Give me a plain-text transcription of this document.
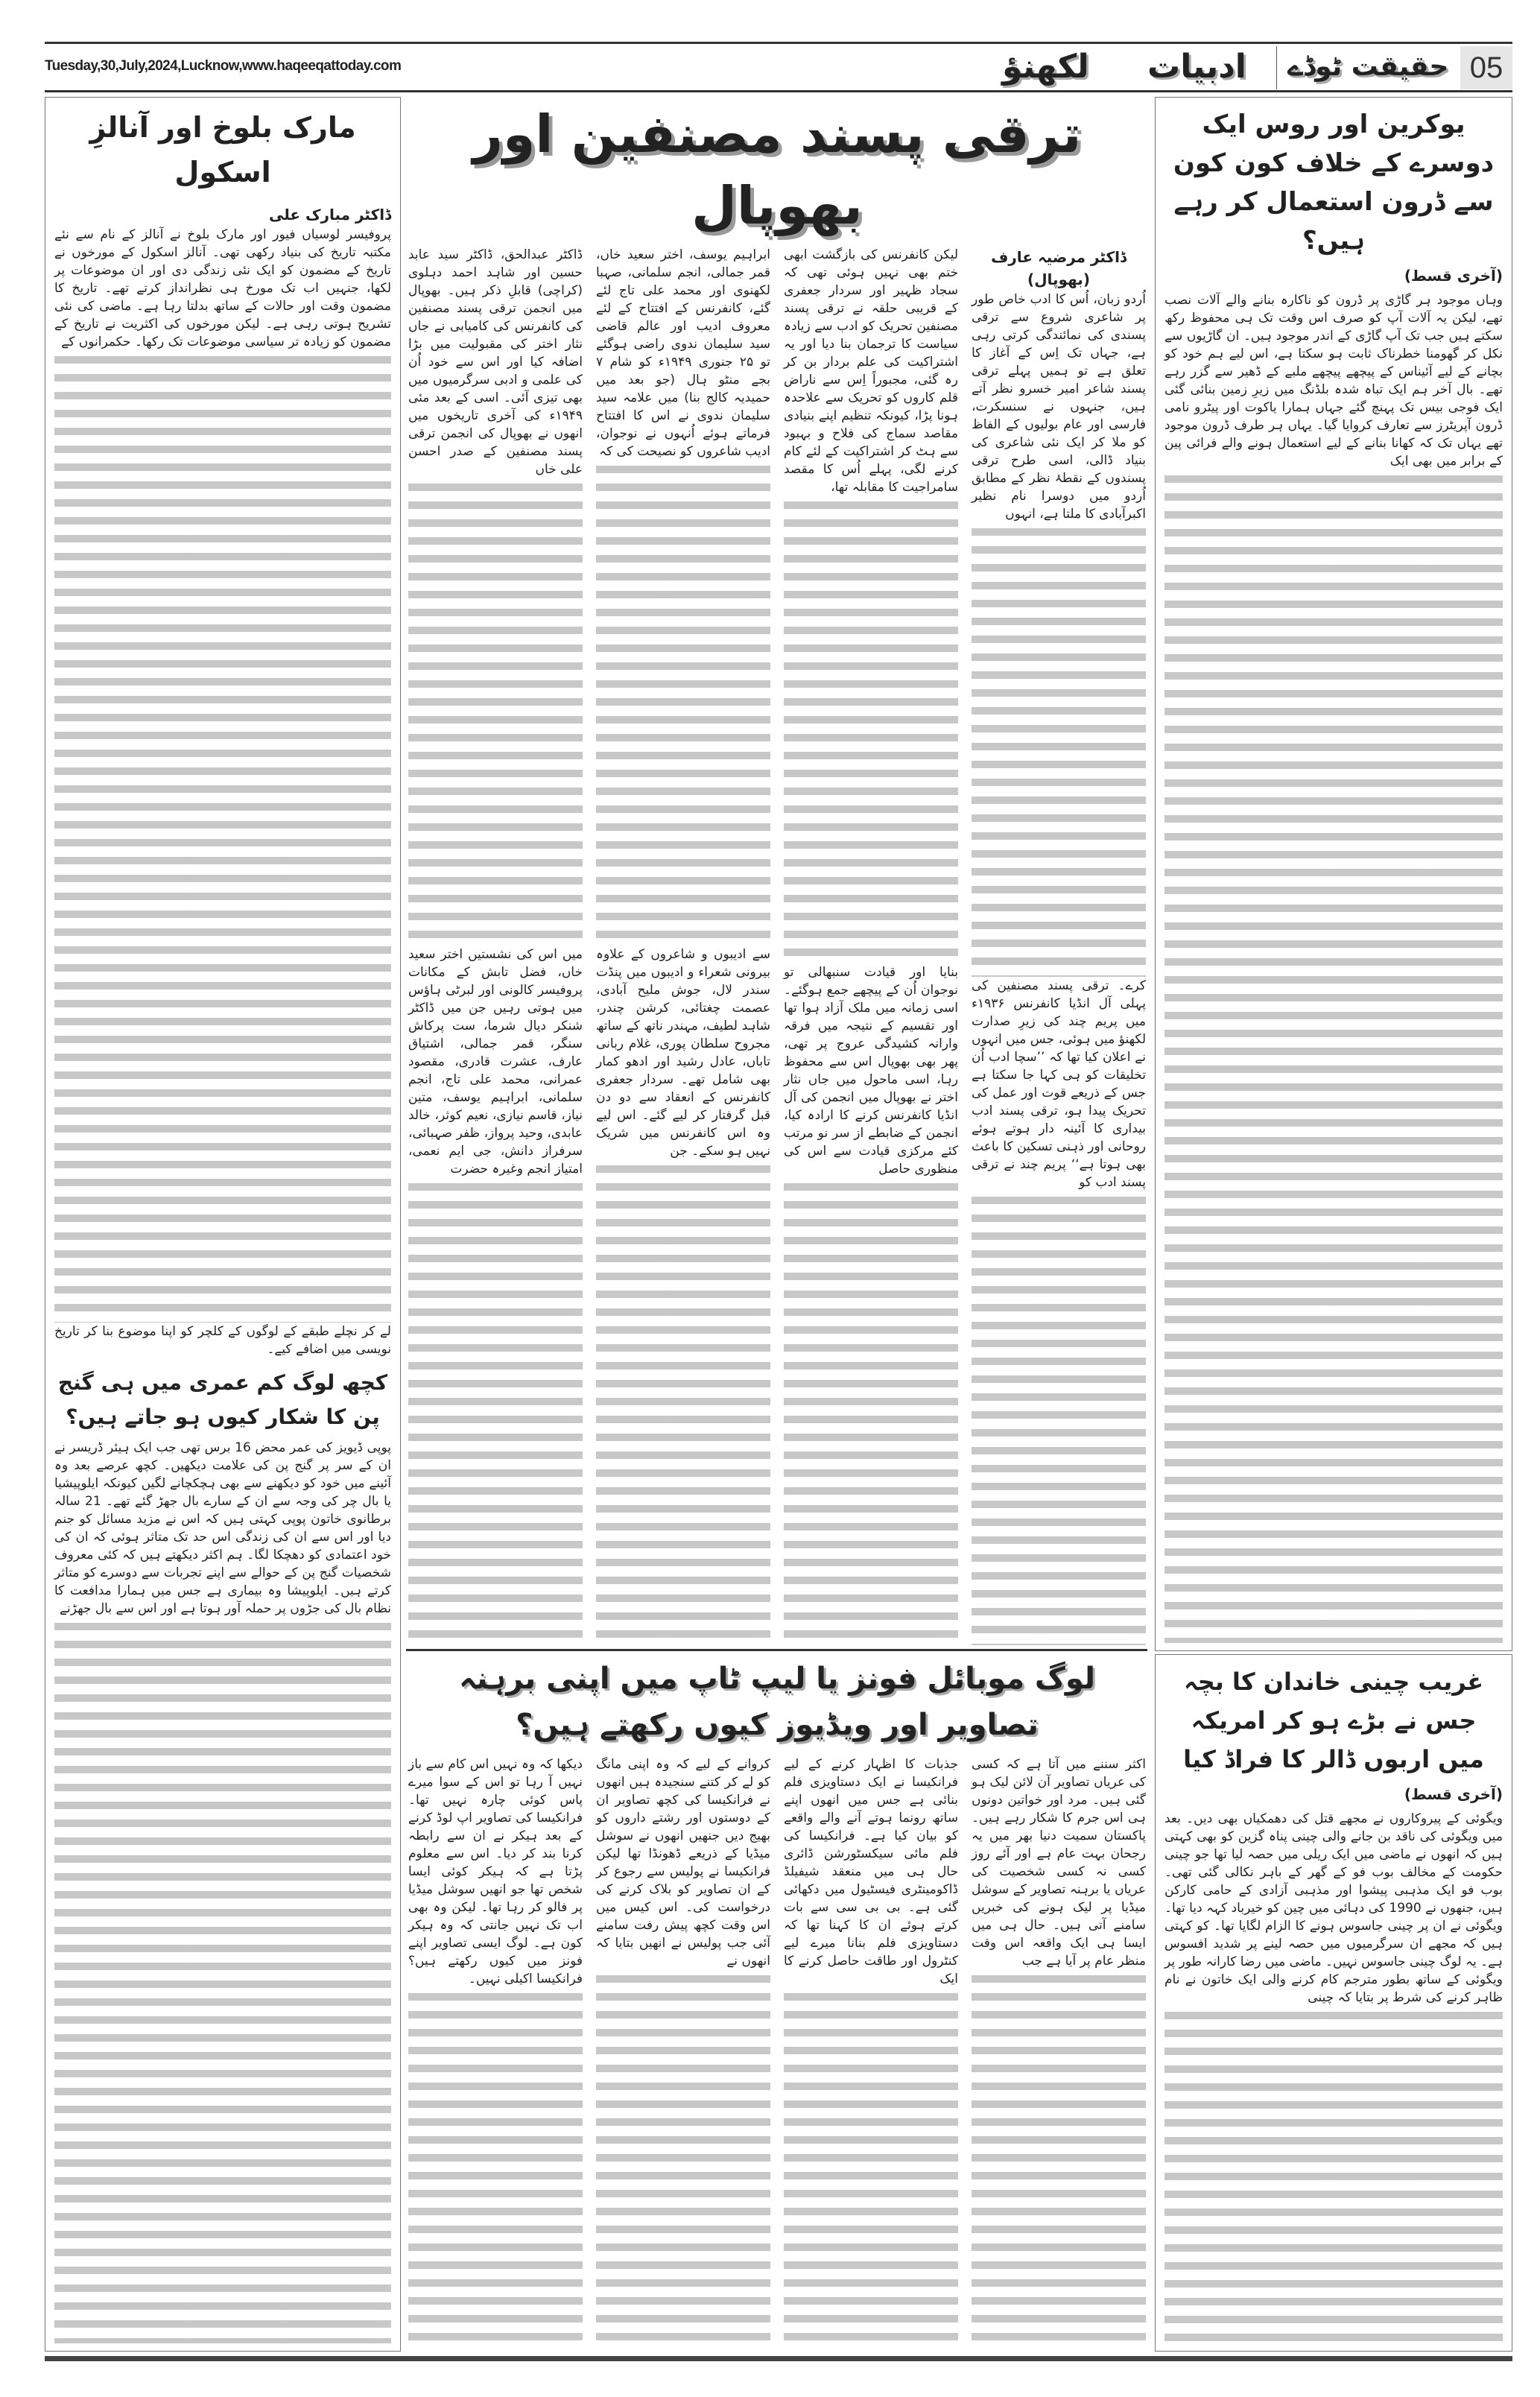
Tuesday,30,July,2024,Lucknow,www.haqeeqattoday.com	لکھنؤ ادبیات حقیقت ٹوڈے 05
مارک بلوخ اور آنالزِ اسکول
ڈاکٹر مبارک علی

پروفیسر لوسیاں فیور اور مارک بلوخ نے آنالز کے نام سے نئے مکتبہ تاریخ کی بنیاد رکھی تھی۔ آنالز اسکول کے مورخوں نے تاریخ کے مضمون کو ایک نئی زندگی دی اور ان موضوعات پر لکھا، جنہیں اب تک مورخ ہی نظرانداز کرتے تھے۔ تاریخ کا مضمون وقت اور حالات کے ساتھ بدلتا رہا ہے۔ ماضی کی نئی تشریح ہوتی رہی ہے۔ لیکن مورخوں کی اکثریت نے تاریخ کے مضمون کو زیادہ تر سیاسی موضوعات تک رکھا۔ حکمرانوں کے

لے کر نچلے طبقے کے لوگوں کے کلچر کو اپنا موضوع بنا کر تاریخ نویسی میں اضافے کیے۔

کچھ لوگ کم عمری میں ہی گنج پن کا شکار کیوں ہو جاتے ہیں؟

پوپی ڈیویز کی عمر محض 16 برس تھی جب ایک ہیئر ڈریسر نے ان کے سر پر گنج پن کی علامت دیکھیں۔ کچھ عرصے بعد وہ آئینے میں خود کو دیکھنے سے بھی ہچکچانے لگیں کیونکہ ایلوپیشیا یا بال چر کی وجہ سے ان کے سارے بال جھڑ گئے تھے۔ 21 سالہ برطانوی خاتون پوپی کہتی ہیں کہ اس نے مزید مسائل کو جنم دیا اور اس سے ان کی زندگی اس حد تک متاثر ہوئی کہ ان کی خود اعتمادی کو دھچکا لگا۔ ہم اکثر دیکھتے ہیں کہ کئی معروف شخصیات گنج پن کے حوالے سے اپنے تجربات سے دوسرے کو متاثر کرتے ہیں۔ ایلوپیشا وہ بیماری ہے جس میں ہمارا مدافعت کا نظام بال کی جڑوں پر حملہ آور ہوتا ہے اور اس سے بال جھڑنے

ترقی پسند مصنفین اور بھوپال
ڈاکٹر مرضیہ عارف (بھوپال)

اُردو زبان، اُس کا ادب خاص طور پر شاعری شروع سے ترقی پسندی کی نمائندگی کرتی رہی ہے، جہاں تک اِس کے آغاز کا تعلق ہے تو ہمیں پہلے ترقی پسند شاعر امیر خسرو نظر آتے ہیں، جنہوں نے سنسکرت، فارسی اور عام بولیوں کے الفاظ کو ملا کر ایک نئی شاعری کی بنیاد ڈالی، اسی طرح ترقی پسندوں کے نقطۂ نظر کے مطابق اُردو میں دوسرا نام نظیر اکبرآبادی کا ملتا ہے، انہوں

کرے۔ ترقی پسند مصنفین کی پہلی آل انڈیا کانفرنس ۱۹۳۶ء میں پریم چند کی زیرِ صدارت لکھنؤ میں ہوئی، جس میں انہوں نے اعلان کیا تھا کہ ’’سچا ادب اُن تخلیقات کو ہی کہا جا سکتا ہے جس کے ذریعے قوت اور عمل کی تحریک پیدا ہو، ترقی پسند ادب بیداری کا آئینہ دار ہوتے ہوئے روحانی اور ذہنی تسکین کا باعث بھی ہوتا ہے‘‘ پریم چند نے ترقی پسند ادب کو

لیکن کانفرنس کی بازگشت ابھی ختم بھی نہیں ہوئی تھی کہ سجاد ظہیر اور سردار جعفری کے قریبی حلقہ نے ترقی پسند مصنفین تحریک کو ادب سے زیادہ سیاست کا ترجمان بنا دیا اور یہ اشتراکیت کی علم بردار بن کر رہ گئی، مجبوراً اِس سے ناراض قلم کاروں کو تحریک سے علاحدہ ہونا پڑا، کیونکہ تنظیم اپنے بنیادی مقاصد سماج کی فلاح و بہبود سے ہٹ کر اشتراکیت کے لئے کام کرنے لگی، پہلے اُس کا مقصد سامراجیت کا مقابلہ تھا،

بنایا اور قیادت سنبھالی تو نوجوان اُن کے پیچھے جمع ہوگئے۔ اسی زمانہ میں ملک آزاد ہوا تھا اور تقسیم کے نتیجہ میں فرقہ وارانہ کشیدگی عروج پر تھی، پھر بھی بھوپال اس سے محفوظ رہا، اسی ماحول میں جاں نثار اختر نے بھوپال میں انجمن کی آل انڈیا کانفرنس کرنے کا ارادہ کیا، انجمن کے ضابطے از سر نو مرتب کئے مرکزی قیادت سے اس کی منظوری حاصل

ابراہیم یوسف، اختر سعید خاں، قمر جمالی، انجم سلمانی، صہبا لکھنوی اور محمد علی تاج لئے گئے، کانفرنس کے افتتاح کے لئے معروف ادیب اور عالم قاضی سید سلیمان ندوی راضی ہوگئے تو ۲۵ جنوری ۱۹۴۹ء کو شام ۷ بجے منٹو ہال (جو بعد میں حمیدیہ کالج بنا) میں علامہ سید سلیمان ندوی نے اس کا افتتاح فرماتے ہوئے اُنہوں نے نوجوان، ادیب شاعروں کو نصیحت کی کہ

سے ادیبوں و شاعروں کے علاوہ بیرونی شعراء و ادیبوں میں پنڈت سندر لال، جوش ملیح آبادی، عصمت چغتائی، کرشن چندر، شاہد لطیف، مہندر ناتھ کے ساتھ مجروح سلطان پوری، غلام ربانی تاباں، عادل رشید اور ادھو کمار بھی شامل تھے۔ سردار جعفری کانفرنس کے انعقاد سے دو دن قبل گرفتار کر لیے گئے۔ اس لیے وہ اس کانفرنس میں شریک نہیں ہو سکے۔ جن

ڈاکٹر عبدالحق، ڈاکٹر سید عابد حسین اور شاہد احمد دہلوی (کراچی) قابلِ ذکر ہیں۔ بھوپال میں انجمن ترقی پسند مصنفین کی کانفرنس کی کامیابی نے جاں نثار اختر کی مقبولیت میں بڑا اضافہ کیا اور اس سے خود اُن کی علمی و ادبی سرگرمیوں میں بھی تیزی آئی۔ اسی کے بعد مئی ۱۹۴۹ء کی آخری تاریخوں میں انھوں نے بھوپال کی انجمن ترقی پسند مصنفین کے صدر احسن علی خاں

میں اس کی نشستیں اختر سعید خاں، فضل تابش کے مکانات پروفیسر کالونی اور لبرٹی ہاؤس میں ہوتی رہیں جن میں ڈاکٹر شنکر دیال شرما، ست پرکاش سنگر، قمر جمالی، اشتیاق عارف، عشرت قادری، مقصود عمرانی، محمد علی تاج، انجم سلمانی، ابراہیم یوسف، متین نیاز، قاسم نیازی، نعیم کوثر، خالد عابدی، وحید پرواز، ظفر صہبائی، سرفراز دانش، جی ایم نعمی، امتیاز انجم وغیرہ حضرت

لوگ موبائل فونز یا لیپ ٹاپ میں اپنی برہنہ تصاویر اور ویڈیوز کیوں رکھتے ہیں؟

اکثر سننے میں آتا ہے کہ کسی کی عریاں تصاویر آن لائن لیک ہو گئی ہیں۔ مرد اور خواتین دونوں ہی اس جرم کا شکار رہے ہیں۔ پاکستان سمیت دنیا بھر میں یہ رجحان بہت عام ہے اور آئے روز کسی نہ کسی شخصیت کی عریاں یا برہنہ تصاویر کے سوشل میڈیا پر لیک ہونے کی خبریں سامنے آتی ہیں۔ حال ہی میں ایسا ہی ایک واقعہ اس وقت منظر عام پر آیا ہے جب

جذبات کا اظہار کرنے کے لیے فرانکیسا نے ایک دستاویزی فلم بنائی ہے جس میں انھوں اپنے ساتھ رونما ہوتے آنے والے واقعے کو بیان کیا ہے۔ فرانکیسا کی فلم مائی سیکسٹورشن ڈائری حال ہی میں منعقد شیفیلڈ ڈاکومینٹری فیسٹیول میں دکھائی گئی ہے۔ بی بی سی سے بات کرتے ہوئے ان کا کہنا تھا کہ دستاویزی فلم بنانا میرے لیے کنٹرول اور طاقت حاصل کرنے کا ایک

کروانے کے لیے کہ وہ اپنی مانگ کو لے کر کتنے سنجیدہ ہیں انھوں نے فرانکیسا کی کچھ تصاویر ان کے دوستوں اور رشتے داروں کو بھیج دیں جنھیں انھوں نے سوشل میڈیا کے ذریعے ڈھونڈا تھا لیکن فرانکیسا نے پولیس سے رجوع کر کے ان تصاویر کو بلاک کرنے کی درخواست کی۔ اس کیس میں اس وقت کچھ پیش رفت سامنے آئی جب پولیس نے انھیں بتایا کہ انھوں نے

دیکھا کہ وہ نہیں اس کام سے باز نہیں آ رہا تو اس کے سوا میرے پاس کوئی چارہ نہیں تھا۔ فرانکیسا کی تصاویر اپ لوڈ کرنے کے بعد ہیکر نے ان سے رابطہ کرنا بند کر دیا۔ اس سے معلوم پڑتا ہے کہ ہیکر کوئی ایسا شخص تھا جو انھیں سوشل میڈیا پر فالو کر رہا تھا۔ لیکن وہ بھی اب تک نہیں جانتی کہ وہ ہیکر کون ہے۔ لوگ ایسی تصاویر اپنے فونز میں کیوں رکھتے ہیں؟ فرانکیسا اکیلی نہیں۔

یوکرین اور روس ایک دوسرے کے خلاف کون کون سے ڈرون استعمال کر رہے ہیں؟
(آخری قسط)

وہاں موجود ہر گاڑی پر ڈرون کو ناکارہ بنانے والے آلات نصب تھے، لیکن یہ آلات آپ کو صرف اس وقت تک ہی محفوظ رکھ سکتے ہیں جب تک آپ گاڑی کے اندر موجود ہیں۔ ان گاڑیوں سے نکل کر گھومنا خطرناک ثابت ہو سکتا ہے، اس لیے ہم خود کو بچانے کے لیے آئیناس کے پیچھے پیچھے ملبے کے ڈھیر سے گزر رہے تھے۔ بال آخر ہم ایک تباہ شدہ بلڈنگ میں زیرِ زمین بنائی گئی ایک فوجی بیس تک پہنچ گئے جہاں ہمارا یاکوت اور پیٹرو نامی ڈرون آپریٹرز سے تعارف کروایا گیا۔ یہاں ہر طرف ڈرون موجود تھے یہاں تک کہ کھانا بنانے کے لیے استعمال ہونے والے فرائی پین کے برابر میں بھی ایک

غریب چینی خاندان کا بچہ جس نے بڑے ہو کر امریکہ میں اربوں ڈالر کا فراڈ کیا
(آخری قسط)

ویگوئی کے پیروکاروں نے مجھے قتل کی دھمکیاں بھی دیں۔ بعد میں ویگوئی کی ناقد بن جانے والی چینی پناہ گزین کو بھی کہتی ہیں کہ انھوں نے ماضی میں ایک ریلی میں حصہ لیا تھا جو چینی حکومت کے مخالف بوب فو کے گھر کے باہر نکالی گئی تھی۔ بوب فو ایک مذہبی پیشوا اور مذہبی آزادی کے حامی کارکن ہیں، جنھوں نے 1990 کی دہائی میں چین کو خیرباد کہہ دیا تھا۔ ویگوئی نے ان پر چینی جاسوس ہونے کا الزام لگایا تھا۔ کو کہتی ہیں کہ مجھے ان سرگرمیوں میں حصہ لینے پر شدید افسوس ہے۔ یہ لوگ چینی جاسوس نہیں۔ ماضی میں رضا کارانہ طور پر ویگوئی کے ساتھ بطور مترجم کام کرنے والی ایک خاتون نے نام ظاہر کرنے کی شرط پر بتایا کہ چینی
